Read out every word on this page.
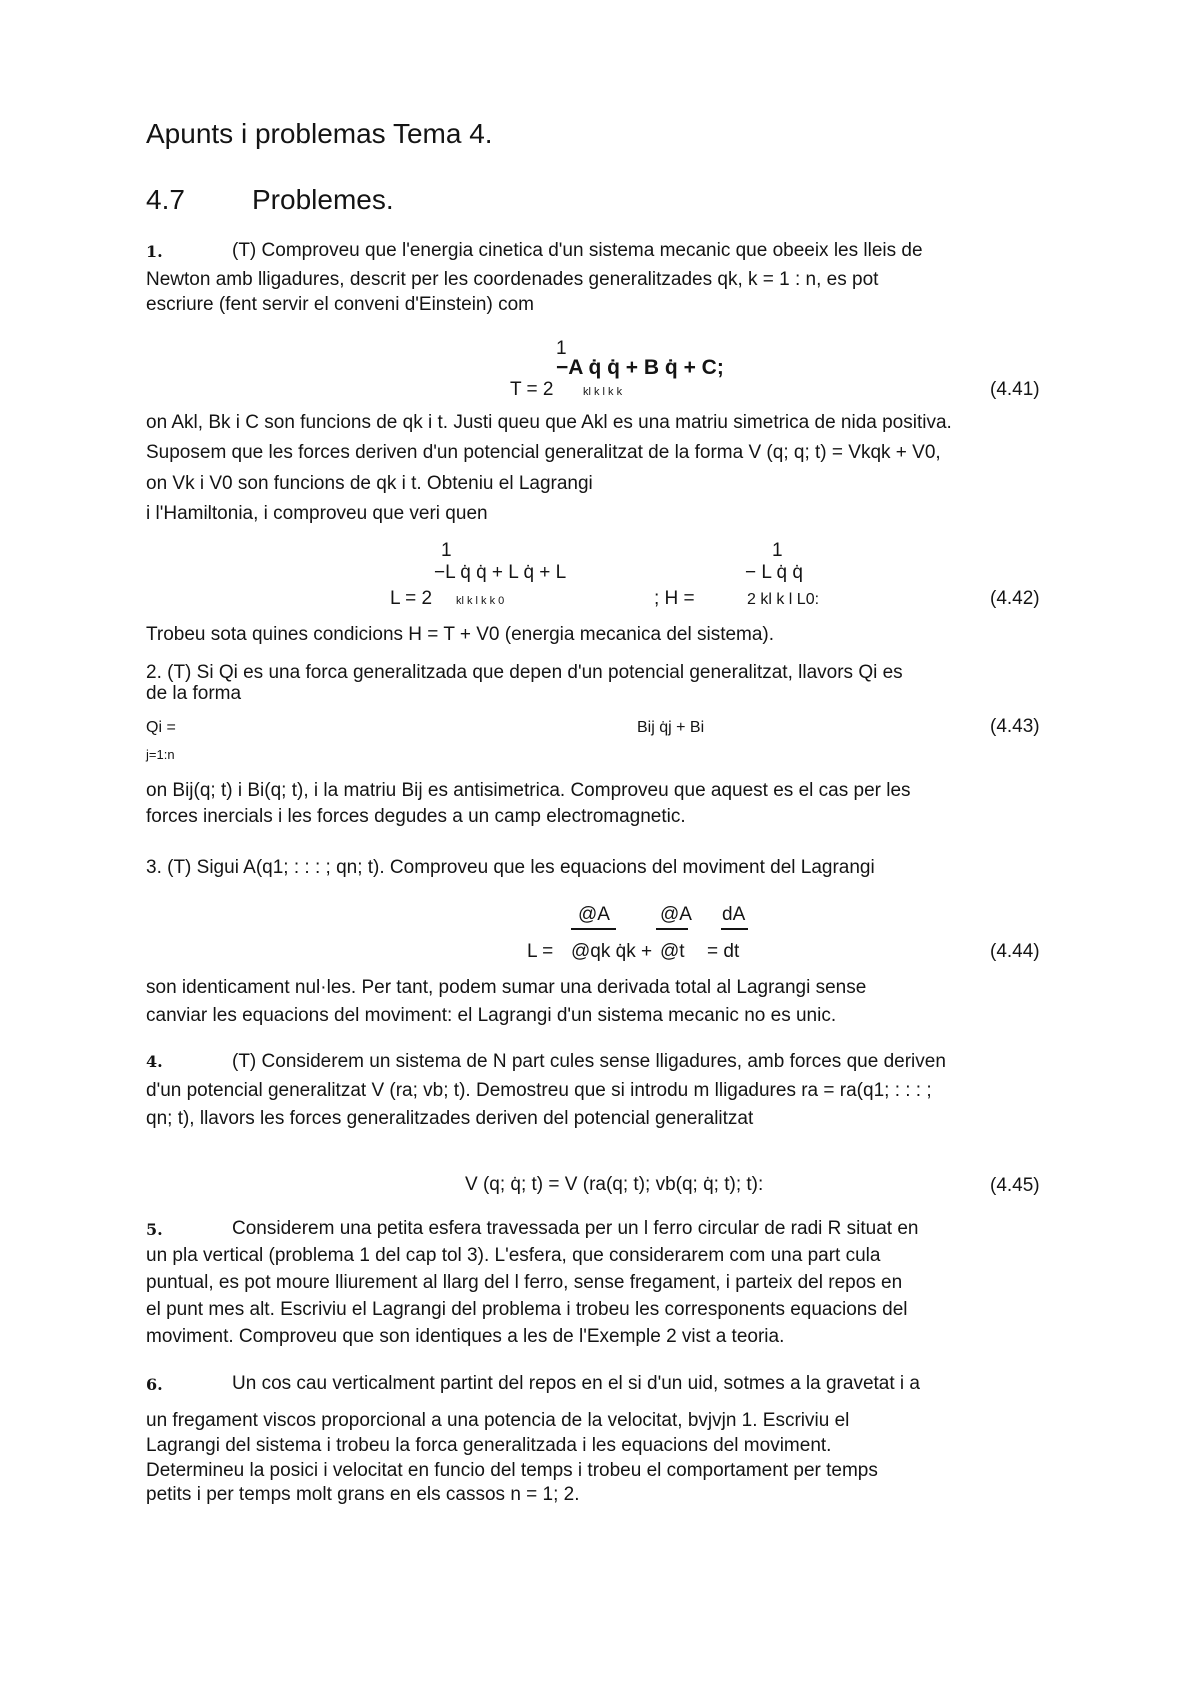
Apunts i problemas Tema 4.
4.7 Problemes.
1.	(T) Comproveu que l'energia cinetica d'un sistema mecanic que obeeix les lleis de
Newton amb lligadures, descrit per les coordenades generalitzades qk, k = 1 : n, es pot
escriure (fent servir el conveni d'Einstein) com
1
−A q̇ q̇ + B q̇ + C;
T = 2	kl k l k k	(4.41)
on Akl, Bk i C son funcions de qk i t. Justi queu que Akl es una matriu simetrica de nida positiva.
Suposem que les forces deriven d'un potencial generalitzat de la forma V (q; q; t) = Vkqk + V0,
on Vk i V0 son funcions de qk i t. Obteniu el Lagrangi
i l'Hamiltonia, i comproveu que veri quen
1	1
−L q̇ q̇ + L q̇ + L
L = 2 kl k l k k 0	; H =
− L q̇ q̇
2 kl k l L0:	(4.42)
Trobeu sota quines condicions H = T + V0 (energia mecanica del sistema).
2. (T) Si Qi es una forca generalitzada que depen d'un potencial generalitzat, llavors Qi es
de la forma
Qi =
j=1:n
Bij q̇j + Bi	(4.43)
on Bij(q; t) i Bi(q; t), i la matriu Bij es antisimetrica. Comproveu que aquest es el cas per les
forces inercials i les forces degudes a un camp electromagnetic.
3. (T) Sigui A(q1; : : : ; qn; t). Comproveu que les equacions del moviment del Lagrangi
@A	@A dA
L = @qk q̇k + @t = dt	(4.44)
son identicament nul·les. Per tant, podem sumar una derivada total al Lagrangi sense
canviar les equacions del moviment: el Lagrangi d'un sistema mecanic no es unic.
4.	(T) Considerem un sistema de N part cules sense lligadures, amb forces que deriven
d'un potencial generalitzat V (ra; vb; t). Demostreu que si introdu m lligadures ra = ra(q1; : : : ;
qn; t), llavors les forces generalitzades deriven del potencial generalitzat
V (q; q̇; t) = V (ra(q; t); vb(q; q̇; t); t):	(4.45)
5.	Considerem una petita esfera travessada per un l ferro circular de radi R situat en
un pla vertical (problema 1 del cap tol 3). L'esfera, que considerarem com una part cula
puntual, es pot moure lliurement al llarg del l ferro, sense fregament, i parteix del repos en
el punt mes alt. Escriviu el Lagrangi del problema i trobeu les corresponents equacions del
moviment. Comproveu que son identiques a les de l'Exemple 2 vist a teoria.
6.	Un cos cau verticalment partint del repos en el si d'un uid, sotmes a la gravetat i a
un fregament viscos proporcional a una potencia de la velocitat, bvjvjn 1. Escriviu el
Lagrangi del sistema i trobeu la forca generalitzada i les equacions del moviment.
Determineu la posici i velocitat en funcio del temps i trobeu el comportament per temps
petits i per temps molt grans en els cassos n = 1; 2.
